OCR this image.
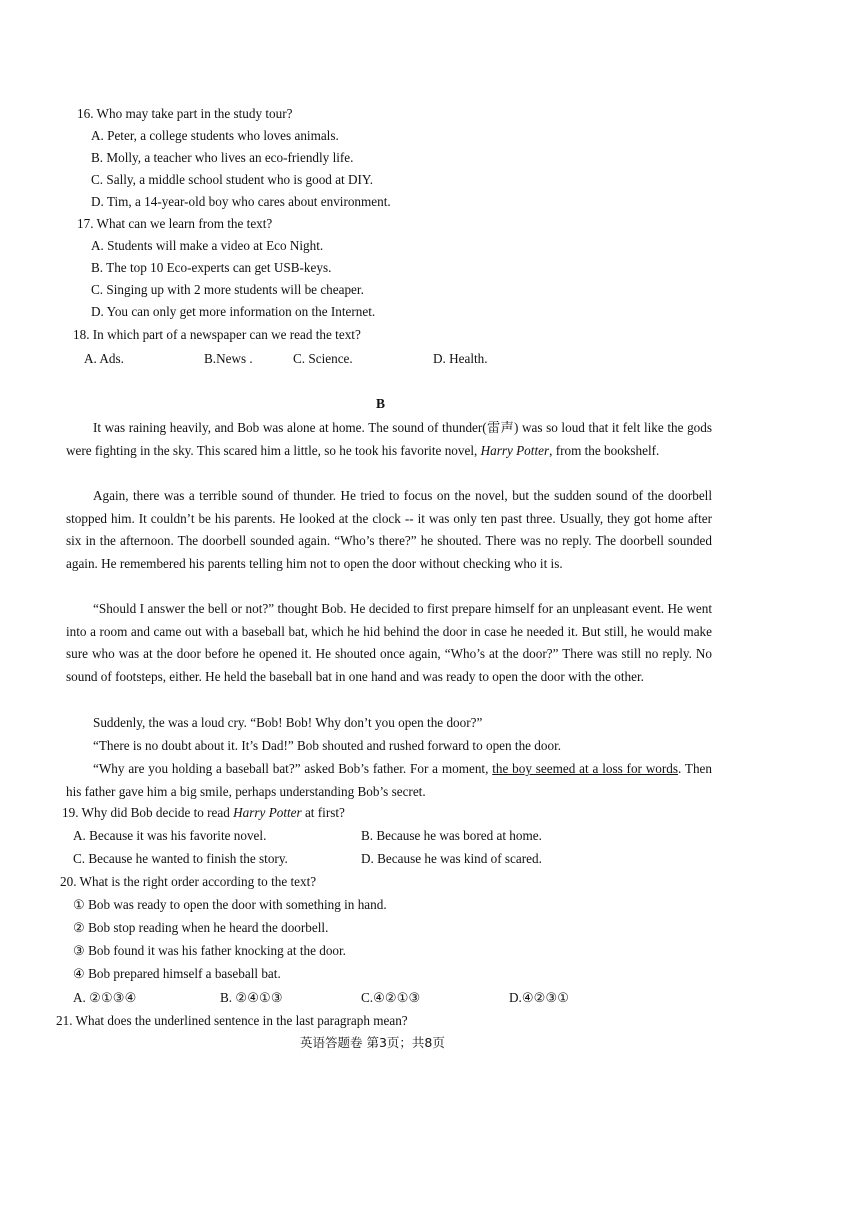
16. Who may take part in the study tour?
A. Peter, a college students who loves animals.
B. Molly, a teacher who lives an eco-friendly life.
C. Sally, a middle school student who is good at DIY.
D. Tim, a 14-year-old boy who cares about environment.
17. What can we learn from the text?
A. Students will make a video at Eco Night.
B. The top 10 Eco-experts can get USB-keys.
C. Singing up with 2 more students will be cheaper.
D. You can only get more information on the Internet.
18. In which part of a newspaper can we read the text?
A. Ads.	B.News .	C. Science.	D. Health.
B
It was raining heavily, and Bob was alone at home. The sound of thunder(雷声) was so loud that it felt like the gods were fighting in the sky. This scared him a little, so he took his favorite novel, Harry Potter, from the bookshelf.
Again, there was a terrible sound of thunder. He tried to focus on the novel, but the sudden sound of the doorbell stopped him. It couldn’t be his parents. He looked at the clock -- it was only ten past three. Usually, they got home after six in the afternoon. The doorbell sounded again. “Who’s there?” he shouted. There was no reply. The doorbell sounded again. He remembered his parents telling him not to open the door without checking who it is.
“Should I answer the bell or not?” thought Bob. He decided to first prepare himself for an unpleasant event. He went into a room and came out with a baseball bat, which he hid behind the door in case he needed it. But still, he would make sure who was at the door before he opened it. He shouted once again, “Who’s at the door?” There was still no reply. No sound of footsteps, either. He held the baseball bat in one hand and was ready to open the door with the other.
Suddenly, the was a loud cry. “Bob! Bob! Why don’t you open the door?”
“There is no doubt about it. It’s Dad!” Bob shouted and rushed forward to open the door.
“Why are you holding a baseball bat?” asked Bob’s father. For a moment, the boy seemed at a loss for words. Then his father gave him a big smile, perhaps understanding Bob’s secret.
19. Why did Bob decide to read Harry Potter at first?
A. Because it was his favorite novel.	B. Because he was bored at home.
C. Because he wanted to finish the story.	D. Because he was kind of scared.
20. What is the right order according to the text?
① Bob was ready to open the door with something in hand.
② Bob stop reading when he heard the doorbell.
③ Bob found it was his father knocking at the door.
④ Bob prepared himself a baseball bat.
A. ②①③④	B. ②④①③	C.④②①③	D.④②③①
21. What does the underlined sentence in the last paragraph mean?
英语答题卷 第3页；共8页
